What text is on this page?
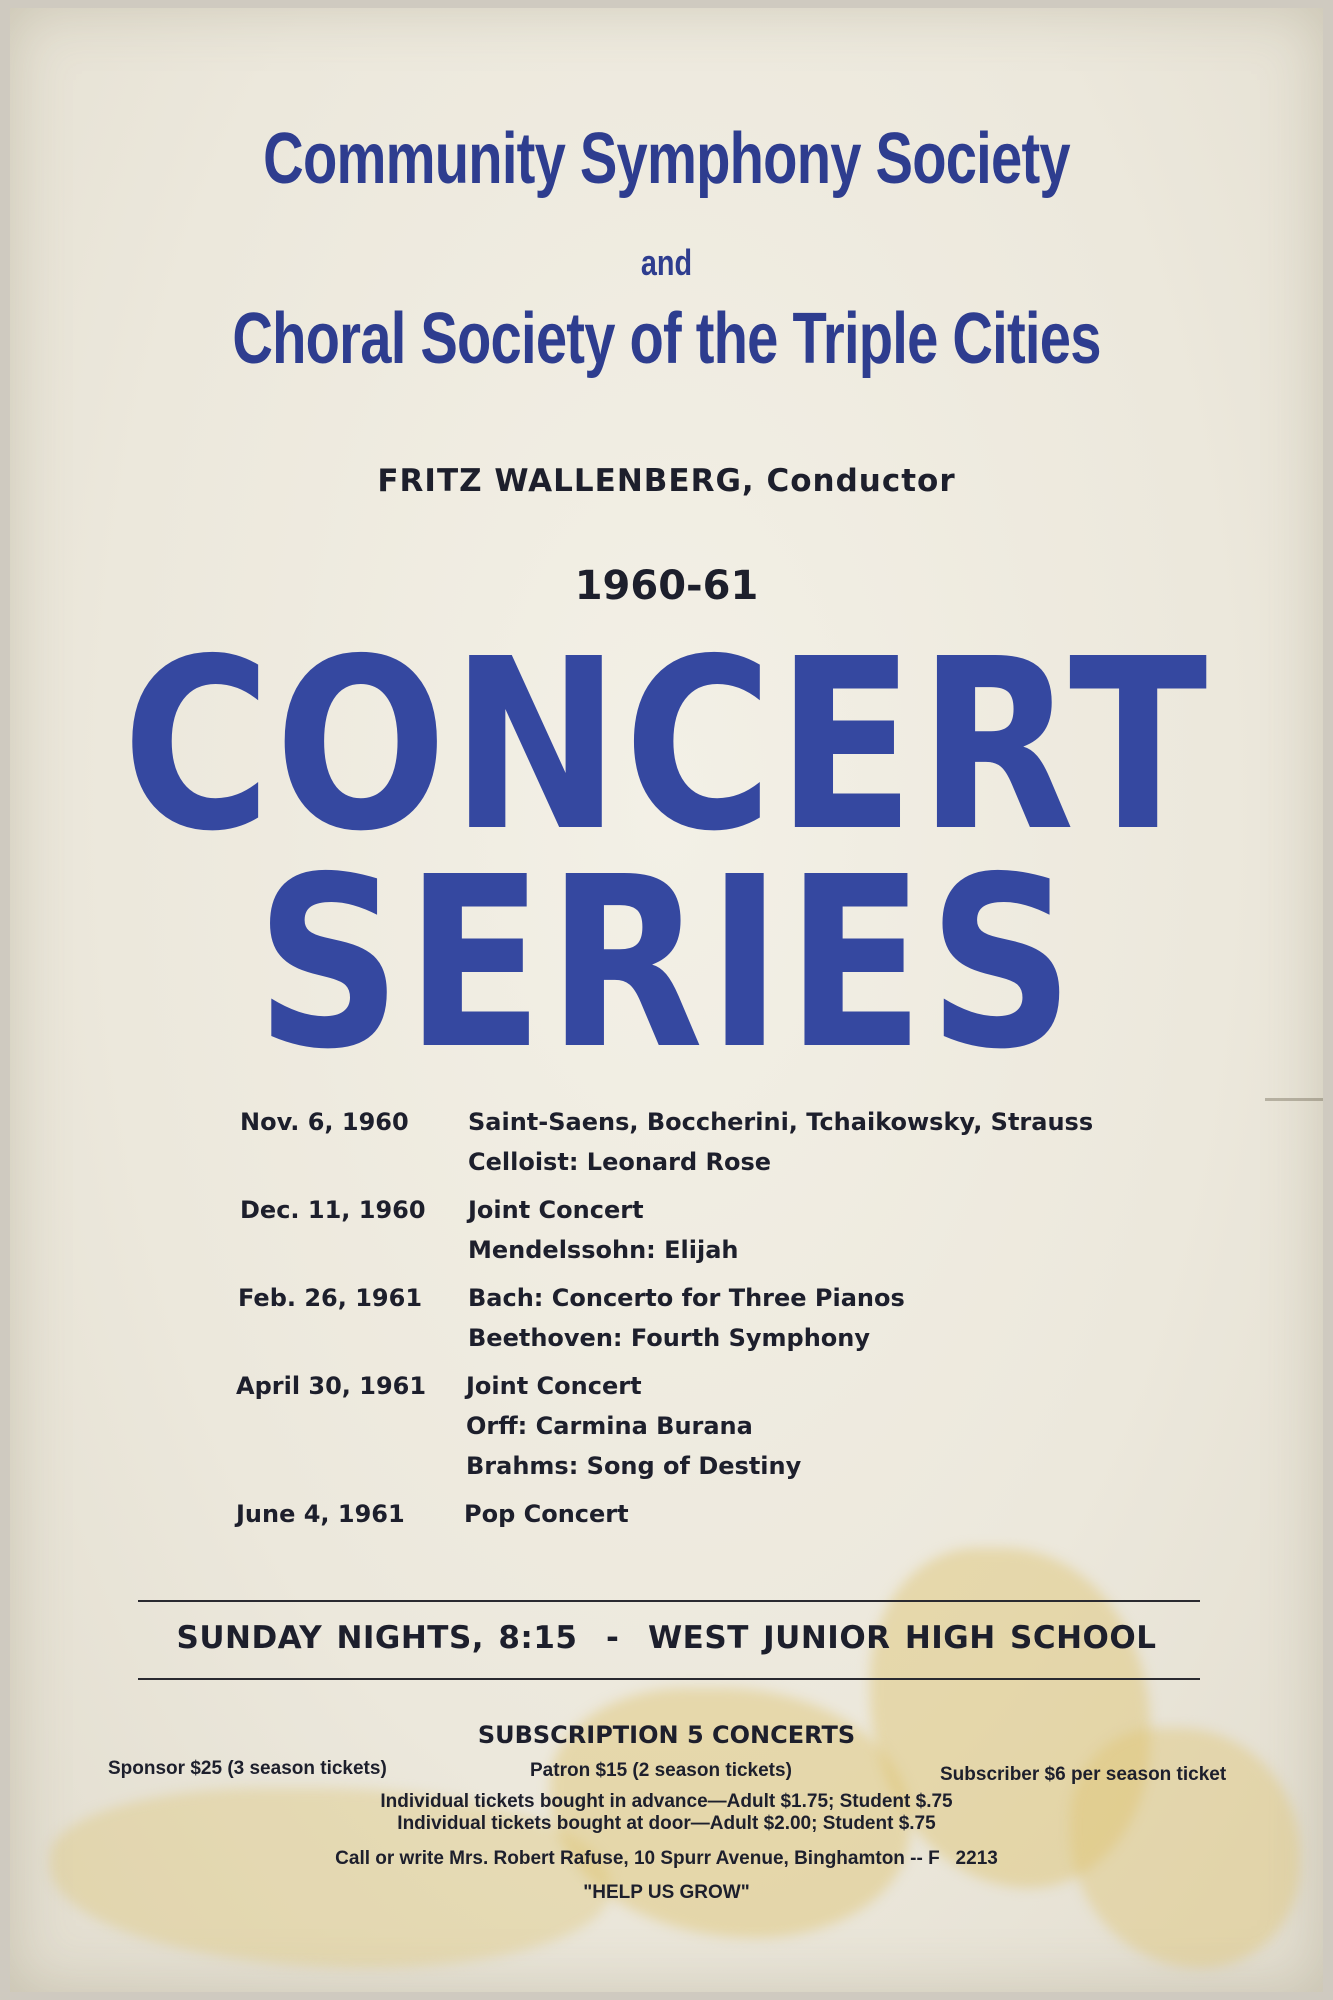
Community Symphony Society
and
Choral Society of the Triple Cities
FRITZ WALLENBERG, Conductor
1960-61
CONCERT
SERIES
Nov. 6, 1960 Saint-Saens, Boccherini, Tchaikowsky, Strauss
Celloist: Leonard Rose
Dec. 11, 1960 Joint Concert
Mendelssohn: Elijah
Feb. 26, 1961 Bach: Concerto for Three Pianos
Beethoven: Fourth Symphony
April 30, 1961 Joint Concert
Orff: Carmina Burana
Brahms: Song of Destiny
June 4, 1961 Pop Concert
SUNDAY NIGHTS, 8:15  -  WEST JUNIOR HIGH SCHOOL
SUBSCRIPTION 5 CONCERTS
Sponsor $25 (3 season tickets)	Patron $15 (2 season tickets)	Subscriber $6 per season ticket
Individual tickets bought in advance—Adult $1.75; Student $.75
Individual tickets bought at door—Adult $2.00; Student $.75
Call or write Mrs. Robert Rafuse, 10 Spurr Avenue, Binghamton -- F   2213
"HELP US GROW"
